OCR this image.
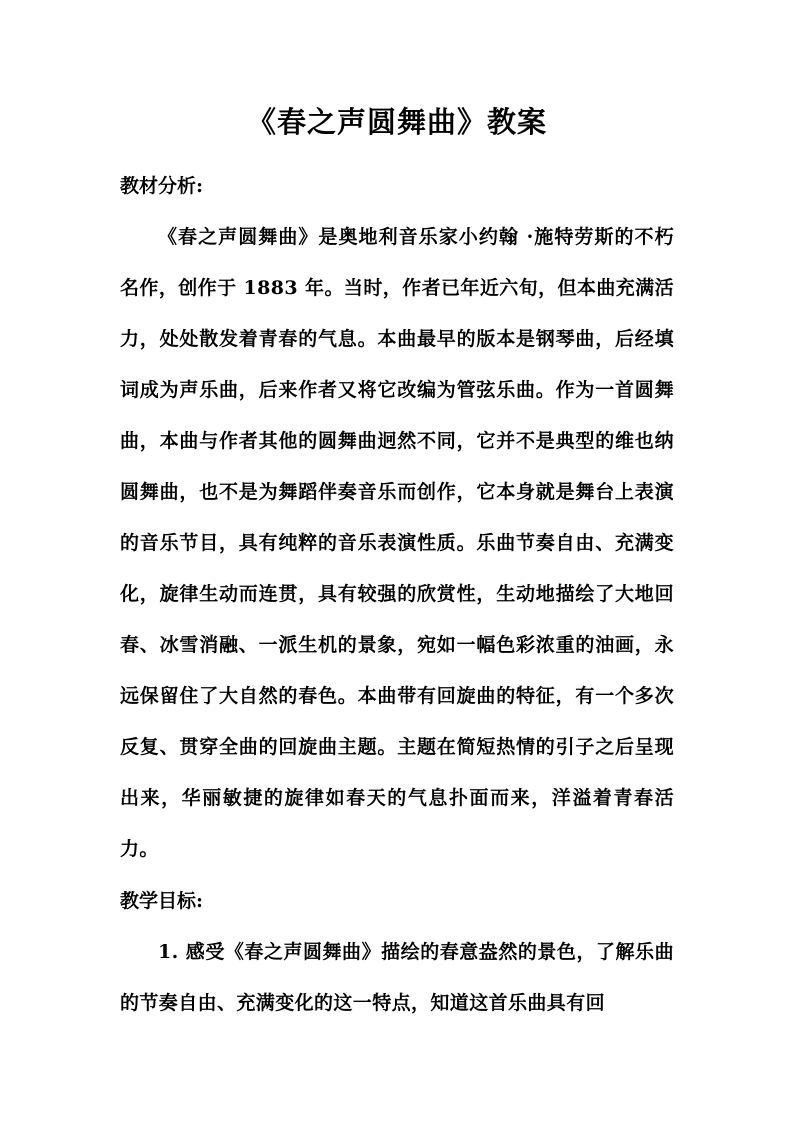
《春之声圆舞曲》教案

教材分析:

《春之声圆舞曲》是奥地利音乐家小约翰 ·施特劳斯的不朽名作，创作于 1883 年。当时，作者已年近六旬，但本曲充满活力，处处散发着青春的气息。本曲最早的版本是钢琴曲，后经填词成为声乐曲，后来作者又将它改编为管弦乐曲。作为一首圆舞曲，本曲与作者其他的圆舞曲迥然不同，它并不是典型的维也纳圆舞曲，也不是为舞蹈伴奏音乐而创作，它本身就是舞台上表演的音乐节目，具有纯粹的音乐表演性质。乐曲节奏自由、充满变化，旋律生动而连贯，具有较强的欣赏性，生动地描绘了大地回春、冰雪消融、一派生机的景象，宛如一幅色彩浓重的油画，永远保留住了大自然的春色。本曲带有回旋曲的特征，有一个多次反复、贯穿全曲的回旋曲主题。主题在简短热情的引子之后呈现出来，华丽敏捷的旋律如春天的气息扑面而来，洋溢着青春活力。

教学目标:

1. 感受《春之声圆舞曲》描绘的春意盎然的景色，了解乐曲的节奏自由、充满变化的这一特点，知道这首乐曲具有回
